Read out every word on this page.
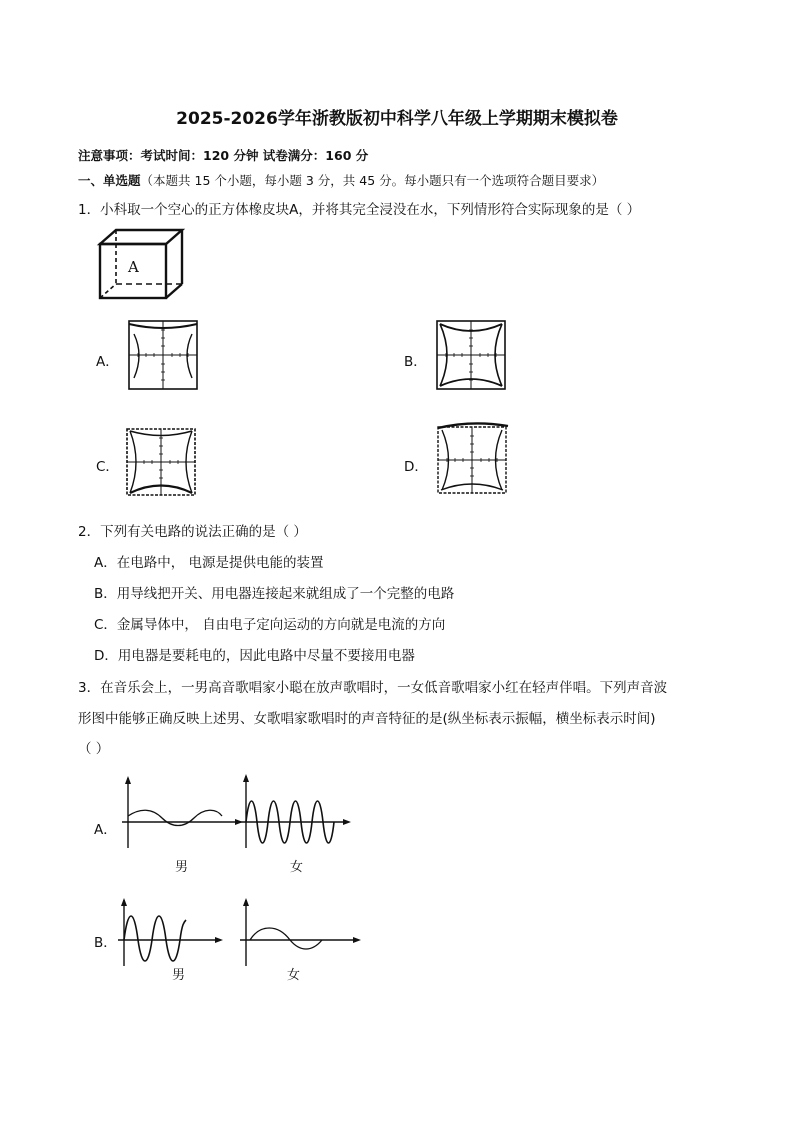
2025-2026学年浙教版初中科学八年级上学期期末模拟卷
注意事项：考试时间：120 分钟 试卷满分：160 分
一、单选题（本题共 15 个小题，每小题 3 分，共 45 分。每小题只有一个选项符合题目要求）
1．小科取一个空心的正方体橡皮块A，并将其完全浸没在水，下列情形符合实际现象的是（ ）
A
A．	B．
C．	D．
2．下列有关电路的说法正确的是（ ）
A．在电路中， 电源是提供电能的装置
B．用导线把开关、用电器连接起来就组成了一个完整的电路
C．金属导体中， 自由电子定向运动的方向就是电流的方向
D．用电器是要耗电的，因此电路中尽量不要接用电器
3．在音乐会上，一男高音歌唱家小聪在放声歌唱时，一女低音歌唱家小红在轻声伴唱。下列声音波
形图中能够正确反映上述男、女歌唱家歌唱时的声音特征的是(纵坐标表示振幅，横坐标表示时间)
（ ）
A．
男	女
B．
男	女
